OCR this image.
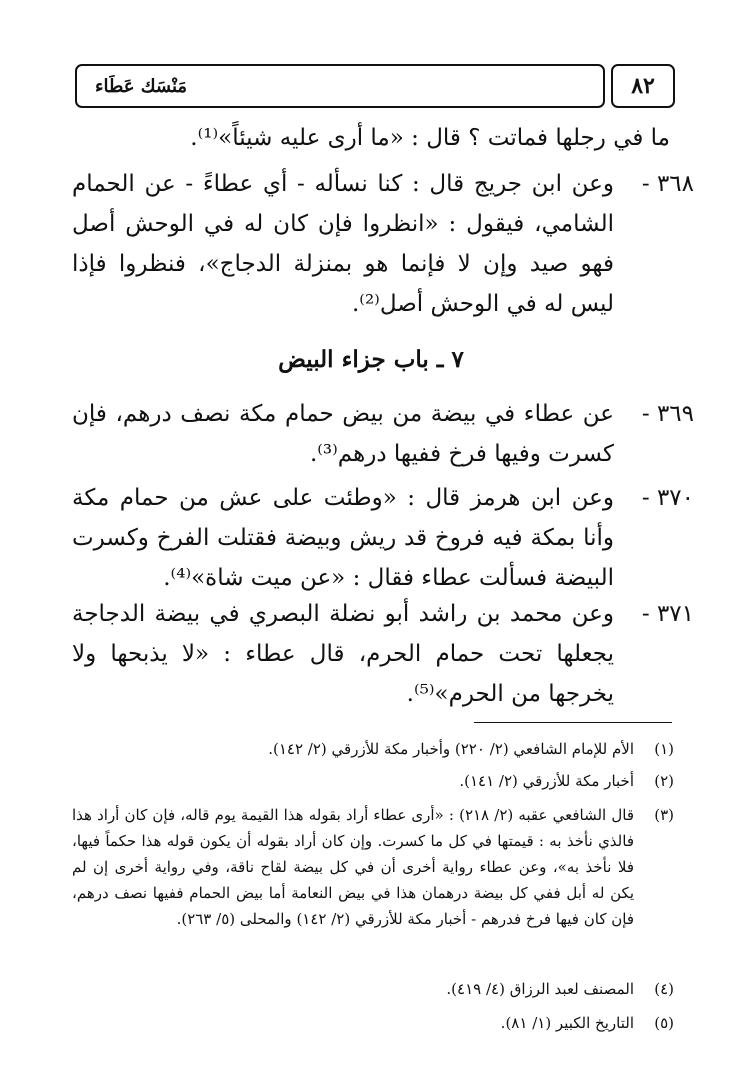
٨٢
مَنْسَك عَطَاء
ما في رجلها فماتت ؟ قال : «ما أرى عليه شيئاً»⁽¹⁾.
٣٦٨ -
وعن ابن جريج قال : كنا نسأله - أي عطاءً - عن الحمام الشامي، فيقول : «انظروا فإن كان له في الوحش أصل فهو صيد وإن لا فإنما هو بمنزلة الدجاج»، فنظروا فإذا ليس له في الوحش أصل⁽²⁾.
٧ ـ باب جزاء البيض
٣٦٩ -
عن عطاء في بيضة من بيض حمام مكة نصف درهم، فإن كسرت وفيها فرخ ففيها درهم⁽³⁾.
٣٧٠ -
وعن ابن هرمز قال : «وطئت على عش من حمام مكة وأنا بمكة فيه فروخ قد ريش وبيضة فقتلت الفرخ وكسرت البيضة فسألت عطاء فقال : «عن ميت شاة»⁽⁴⁾.
٣٧١ -
وعن محمد بن راشد أبو نضلة البصري في بيضة الدجاجة يجعلها تحت حمام الحرم، قال عطاء : «لا يذبحها ولا يخرجها من الحرم»⁽⁵⁾.
(١)
الأم للإمام الشافعي (٢/ ٢٢٠) وأخبار مكة للأزرقي (٢/ ١٤٢).
(٢)
أخبار مكة للأزرقي (٢/ ١٤١).
(٣)
قال الشافعي عقبه (٢/ ٢١٨) : «أرى عطاء أراد بقوله هذا القيمة يوم قاله، فإن كان أراد هذا فالذي نأخذ به : قيمتها في كل ما كسرت. وإن كان أراد بقوله أن يكون قوله هذا حكماً فيها، فلا نأخذ به»، وعن عطاء رواية أخرى أن في كل بيضة لقاح ناقة، وفي رواية أخرى إن لم يكن له أبل ففي كل بيضة درهمان هذا في بيض النعامة أما بيض الحمام ففيها نصف درهم، فإن كان فيها فرخ فدرهم - أخبار مكة للأزرقي (٢/ ١٤٢) والمحلى (٥/ ٢٦٣).
(٤)
المصنف لعبد الرزاق (٤/ ٤١٩).
(٥)
التاريخ الكبير (١/ ٨١).
